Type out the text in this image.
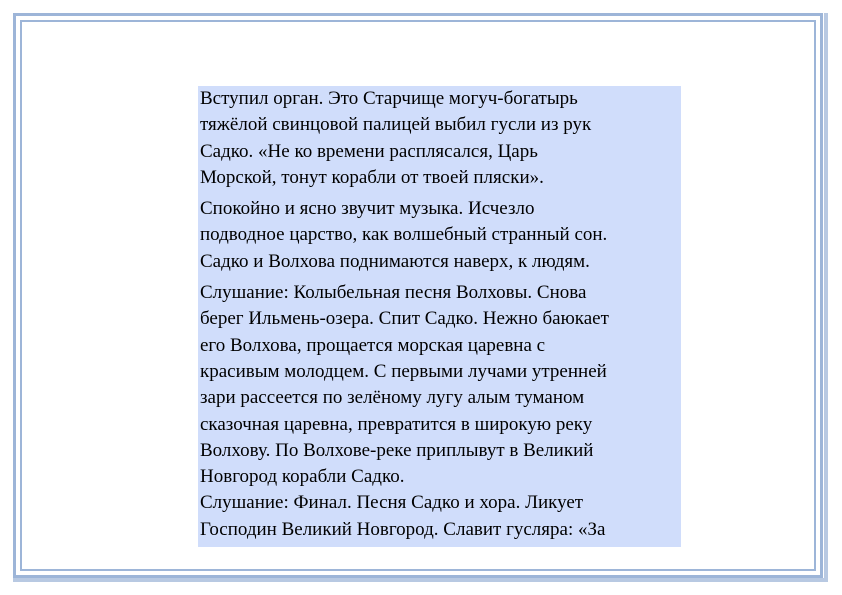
Вступил орган. Это Старчище могуч-богатырь
тяжёлой свинцовой палицей выбил гусли из рук
Садко. «Не ко времени расплясался, Царь
Морской, тонут корабли от твоей пляски».

Спокойно и ясно звучит музыка. Исчезло
подводное царство, как волшебный странный сон.
Садко и Волхова поднимаются наверх, к людям.

Слушание: Колыбельная песня Волховы. Снова
берег Ильмень-озера. Спит Садко. Нежно баюкает
его Волхова, прощается морская царевна с
красивым молодцем. С первыми лучами утренней
зари рассеется по зелёному лугу алым туманом
сказочная царевна, превратится в широкую реку
Волхову. По Волхове-реке приплывут в Великий
Новгород корабли Садко.

Слушание: Финал. Песня Садко и хора. Ликует
Господин Великий Новгород. Славит гусляра: «За
